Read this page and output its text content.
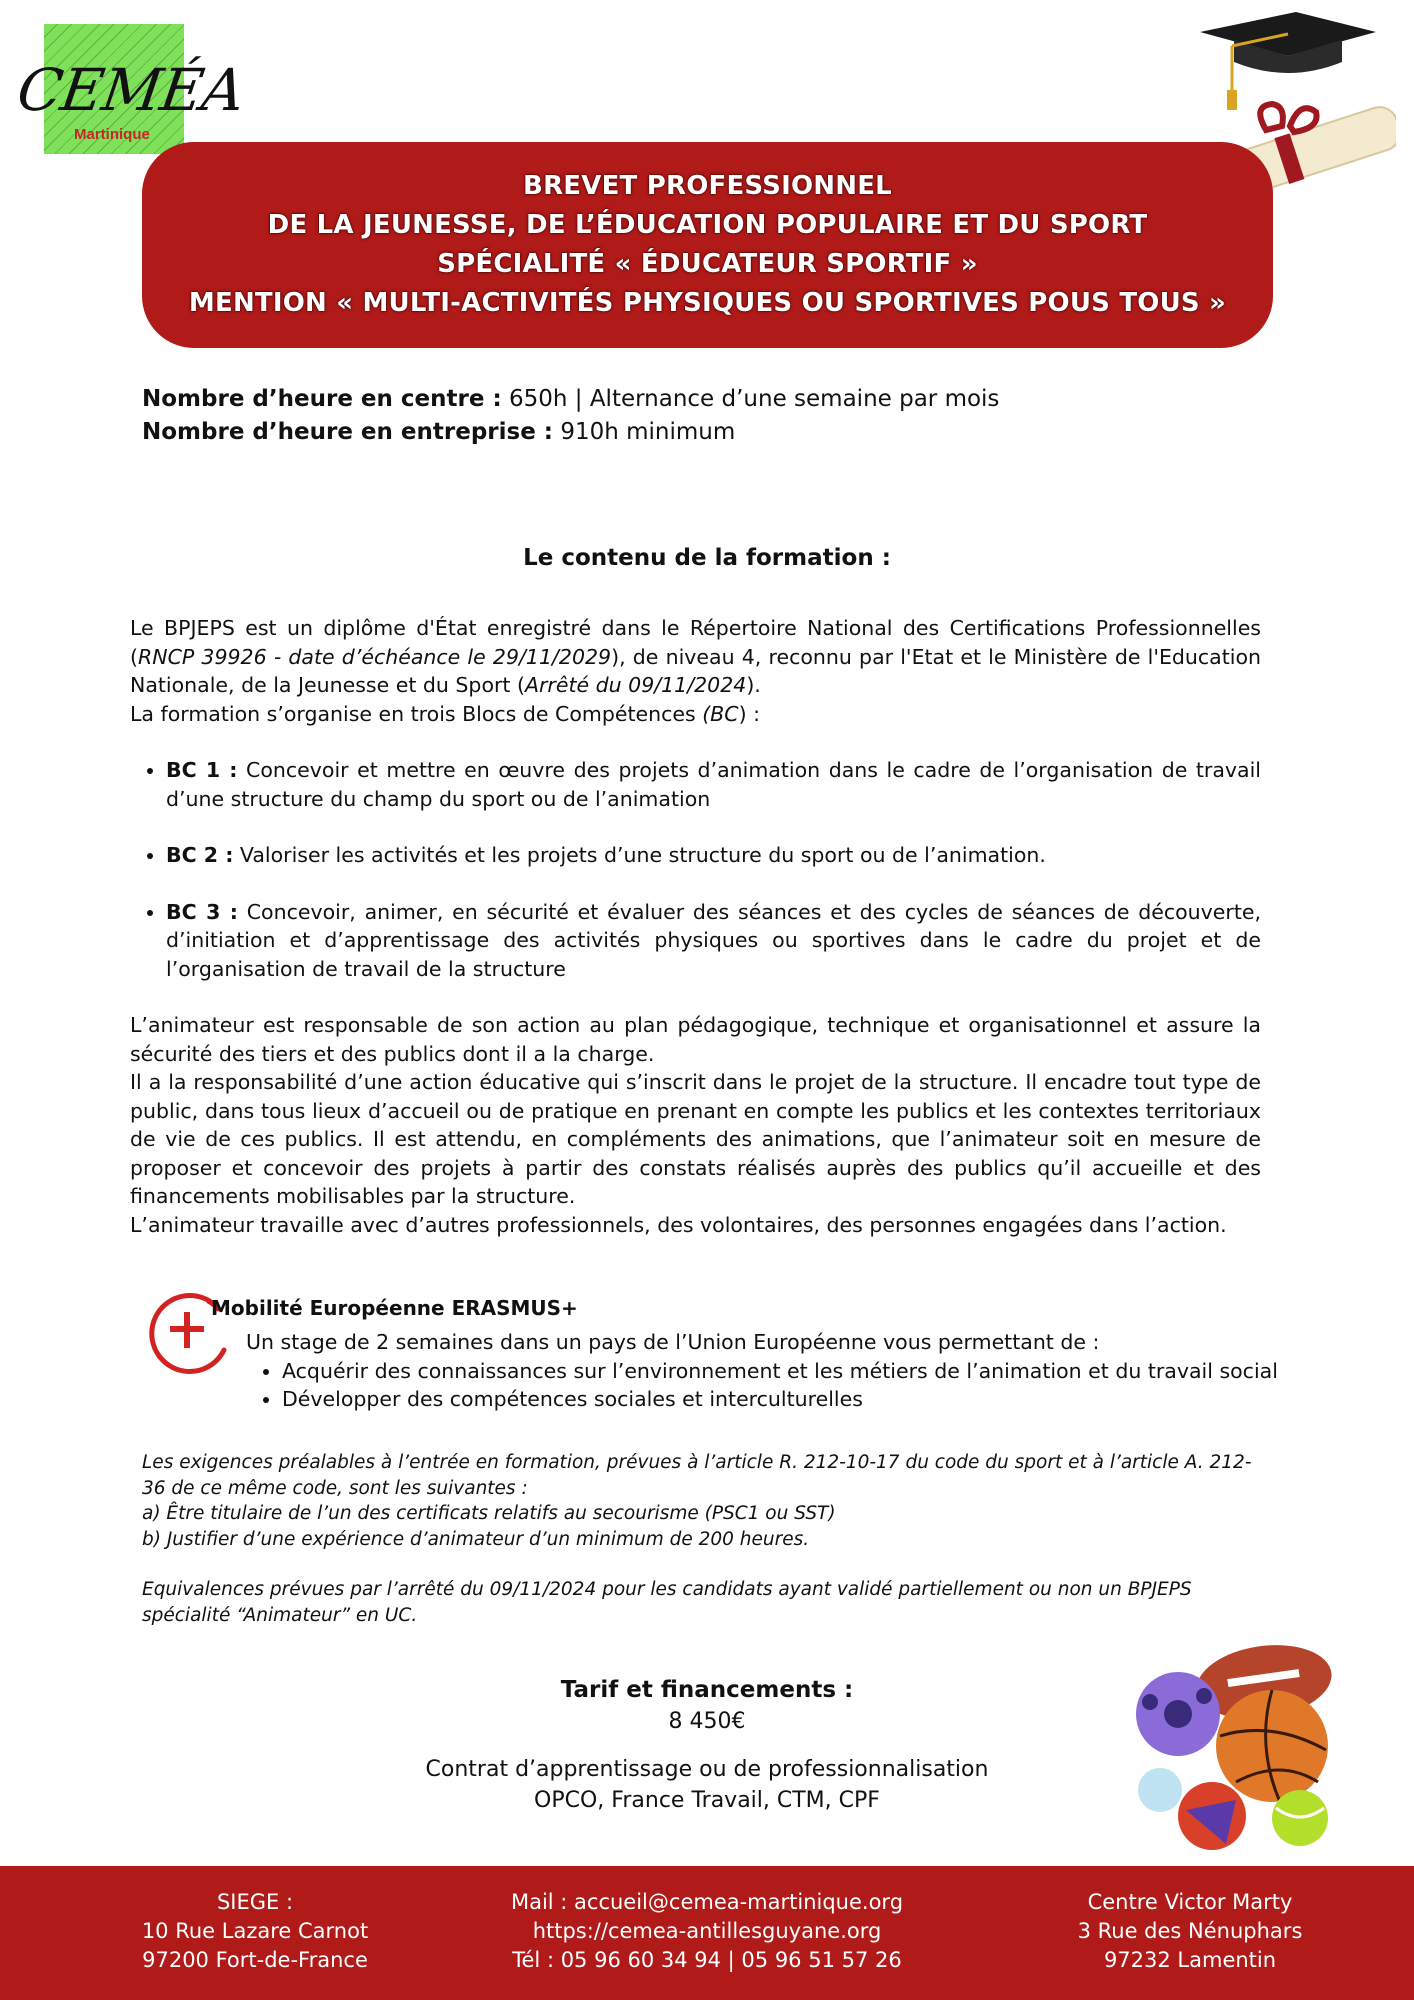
CEMÉA
Martinique
BREVET PROFESSIONNEL
DE LA JEUNESSE, DE L’ÉDUCATION POPULAIRE ET DU SPORT
SPÉCIALITÉ « ÉDUCATEUR SPORTIF »
MENTION « MULTI-ACTIVITÉS PHYSIQUES OU SPORTIVES POUS TOUS »
Nombre d’heure en centre : 650h | Alternance d’une semaine par mois
Nombre d’heure en entreprise : 910h minimum
Le contenu de la formation :

Le BPJEPS est un diplôme d'État enregistré dans le Répertoire National des Certifications Professionnelles (RNCP 39926 - date d’échéance le 29/11/2029), de niveau 4, reconnu par l'Etat et le Ministère de l'Education Nationale, de la Jeunesse et du Sport (Arrêté du 09/11/2024).

La formation s’organise en trois Blocs de Compétences (BC) :

• BC 1 : Concevoir et mettre en œuvre des projets d’animation dans le cadre de l’organisation de travail d’une structure du champ du sport ou de l’animation
• BC 2 : Valoriser les activités et les projets d’une structure du sport ou de l’animation.
• BC 3 : Concevoir, animer, en sécurité et évaluer des séances et des cycles de séances de découverte, d’initiation et d’apprentissage des activités physiques ou sportives dans le cadre du projet et de l’organisation de travail de la structure

L’animateur est responsable de son action au plan pédagogique, technique et organisationnel et assure la sécurité des tiers et des publics dont il a la charge.

Il a la responsabilité d’une action éducative qui s’inscrit dans le projet de la structure. Il encadre tout type de public, dans tous lieux d’accueil ou de pratique en prenant en compte les publics et les contextes territoriaux de vie de ces publics. Il est attendu, en compléments des animations, que l’animateur soit en mesure de proposer et concevoir des projets à partir des constats réalisés auprès des publics qu’il accueille et des financements mobilisables par la structure.

L’animateur travaille avec d’autres professionnels, des volontaires, des personnes engagées dans l’action.

Mobilité Européenne ERASMUS+
Un stage de 2 semaines dans un pays de l’Union Européenne vous permettant de :
• Acquérir des connaissances sur l’environnement et les métiers de l’animation et du travail social
• Développer des compétences sociales et interculturelles

Les exigences préalables à l’entrée en formation, prévues à l’article R. 212-10-17 du code du sport et à l’article A. 212-36 de ce même code, sont les suivantes :

a) Être titulaire de l’un des certificats relatifs au secourisme (PSC1 ou SST)

b) Justifier d’une expérience d’animateur d’un minimum de 200 heures.

Equivalences prévues par l’arrêté du 09/11/2024 pour les candidats ayant validé partiellement ou non un BPJEPS spécialité “Animateur” en UC.

Tarif et financements :
8 450€
Contrat d’apprentissage ou de professionnalisation
OPCO, France Travail, CTM, CPF
SIEGE :
10 Rue Lazare Carnot
97200 Fort-de-France
Mail : accueil@cemea-martinique.org
https://cemea-antillesguyane.org
Tél : 05 96 60 34 94 | 05 96 51 57 26
Centre Victor Marty
3 Rue des Nénuphars
97232 Lamentin
